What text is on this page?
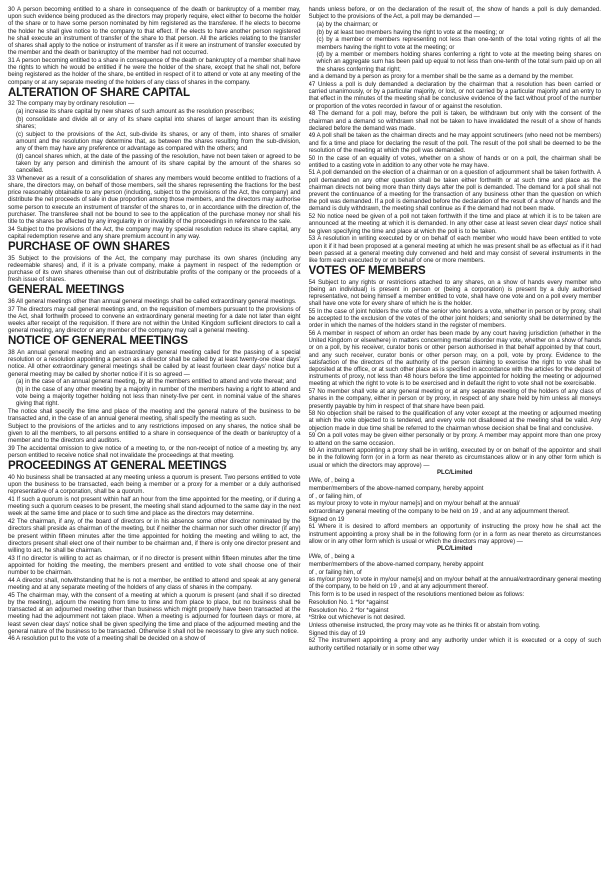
30 A person becoming entitled to a share in consequence of the death or bankruptcy of a member may, upon such evidence being produced as the directors may properly require, elect either to become the holder of the share or to have some person nominated by him registered as the transferee. If he elects to become the holder he shall give notice to the company to that effect. If he elects to have another person registered he shall execute an instrument of transfer of the share to that person. All the articles relating to the transfer of shares shall apply to the notice or instrument of transfer as if it were an instrument of transfer executed by the member and the death or bankruptcy of the member had not occurred.

31 A person becoming entitled to a share in consequence of the death or bankruptcy of a member shall have the rights to which he would be entitled if he were the holder of the share, except that he shall not, before being registered as the holder of the share, be entitled in respect of it to attend or vote at any meeting of the company or at any separate meeting of the holders of any class of shares in the company.

ALTERATION OF SHARE CAPITAL

32 The company may by ordinary resolution —

(a) increase its share capital by new shares of such amount as the resolution prescribes;

(b) consolidate and divide all or any of its share capital into shares of larger amount than its existing shares;

(c) subject to the provisions of the Act, sub-divide its shares, or any of them, into shares of smaller amount and the resolution may determine that, as between the shares resulting from the sub-division, any of them may have any preference or advantage as compared with the others; and

(d) cancel shares which, at the date of the passing of the resolution, have not been taken or agreed to be taken by any person and diminish the amount of its share capital by the amount of the shares so cancelled.

33 Whenever as a result of a consolidation of shares any members would become entitled to fractions of a share, the directors may, on behalf of those members, sell the shares representing the fractions for the best price reasonably obtainable to any person (including, subject to the provisions of the Act, the company) and distribute the net proceeds of sale in due proportion among those members, and the directors may authorise some person to execute an instrument of transfer of the shares to, or in accordance with the direction of, the purchaser. The transferee shall not be bound to see to the application of the purchase money nor shall his title to the shares be affected by any irregularity in or invalidity of the proceedings in reference to the sale.

34 Subject to the provisions of the Act, the company may by special resolution reduce its share capital, any capital redemption reserve and any share premium account in any way.

PURCHASE OF OWN SHARES

35 Subject to the provisions of the Act, the company may purchase its own shares (including any redeemable shares) and, if it is a private company, make a payment in respect of the redemption or purchase of its own shares otherwise than out of distributable profits of the company or the proceeds of a fresh issue of shares.

GENERAL MEETINGS

36 All general meetings other than annual general meetings shall be called extraordinary general meetings.

37 The directors may call general meetings and, on the requisition of members pursuant to the provisions of the Act, shall forthwith proceed to convene an extraordinary general meeting for a date not later than eight weeks after receipt of the requisition. If there are not within the United Kingdom sufficient directors to call a general meeting, any director or any member of the company may call a general meeting.

NOTICE OF GENERAL MEETINGS

38 An annual general meeting and an extraordinary general meeting called for the passing of a special resolution or a resolution appointing a person as a director shall be called by at least twenty-one clear days' notice. All other extraordinary general meetings shall be called by at least fourteen clear days' notice but a general meeting may be called by shorter notice if it is so agreed —

(a) in the case of an annual general meeting, by all the members entitled to attend and vote thereat; and

(b) in the case of any other meeting by a majority in number of the members having a right to attend and vote being a majority together holding not less than ninety-five per cent. in nominal value of the shares giving that right.

The notice shall specify the time and place of the meeting and the general nature of the business to be transacted and, in the case of an annual general meeting, shall specify the meeting as such.

Subject to the provisions of the articles and to any restrictions imposed on any shares, the notice shall be given to all the members, to all persons entitled to a share in consequence of the death or bankruptcy of a member and to the directors and auditors.

39 The accidental omission to give notice of a meeting to, or the non-receipt of notice of a meeting by, any person entitled to receive notice shall not invalidate the proceedings at that meeting.

PROCEEDINGS AT GENERAL MEETINGS

40 No business shall be transacted at any meeting unless a quorum is present. Two persons entitled to vote upon the business to be transacted, each being a member or a proxy for a member or a duly authorised representative of a corporation, shall be a quorum.

41 If such a quorum is not present within half an hour from the time appointed for the meeting, or if during a meeting such a quorum ceases to be present, the meeting shall stand adjourned to the same day in the next week at the same time and place or to such time and place as the directors may determine.

42 The chairman, if any, of the board of directors or in his absence some other director nominated by the directors shall preside as chairman of the meeting, but if neither the chairman nor such other director (if any) be present within fifteen minutes after the time appointed for holding the meeting and willing to act, the directors present shall elect one of their number to be chairman and, if there is only one director present and willing to act, he shall be chairman.

43 If no director is willing to act as chairman, or if no director is present within fifteen minutes after the time appointed for holding the meeting, the members present and entitled to vote shall choose one of their number to be chairman.

44 A director shall, notwithstanding that he is not a member, be entitled to attend and speak at any general meeting and at any separate meeting of the holders of any class of shares in the company.

45 The chairman may, with the consent of a meeting at which a quorum is present (and shall if so directed by the meeting), adjourn the meeting from time to time and from place to place, but no business shall be transacted at an adjourned meeting other than business which might properly have been transacted at the meeting had the adjournment not taken place. When a meeting is adjourned for fourteen days or more, at least seven clear days' notice shall be given specifying the time and place of the adjourned meeting and the general nature of the business to be transacted. Otherwise it shall not be necessary to give any such notice.

46 A resolution put to the vote of a meeting shall be decided on a show of

hands unless before, or on the declaration of the result of, the show of hands a poll is duly demanded. Subject to the provisions of the Act, a poll may be demanded —

(a) by the chairman; or

(b) by at least two members having the right to vote at the meeting; or

(c) by a member or members representing not less than one-tenth of the total voting rights of all the members having the right to vote at the meeting; or

(d) by a member or members holding shares conferring a right to vote at the meeting being shares on which an aggregate sum has been paid up equal to not less than one-tenth of the total sum paid up on all the shares conferring that right;

and a demand by a person as proxy for a member shall be the same as a demand by the member.

47 Unless a poll is duly demanded a declaration by the chairman that a resolution has been carried or carried unanimously, or by a particular majority, or lost, or not carried by a particular majority and an entry to that effect in the minutes of the meeting shall be conclusive evidence of the fact without proof of the number or proportion of the votes recorded in favour of or against the resolution.

48 The demand for a poll may, before the poll is taken, be withdrawn but only with the consent of the chairman and a demand so withdrawn shall not be taken to have invalidated the result of a show of hands declared before the demand was made.

49 A poll shall be taken as the chairman directs and he may appoint scrutineers (who need not be members) and fix a time and place for declaring the result of the poll. The result of the poll shall be deemed to be the resolution of the meeting at which the poll was demanded.

50 In the case of an equality of votes, whether on a show of hands or on a poll, the chairman shall be entitled to a casting vote in addition to any other vote he may have.

51 A poll demanded on the election of a chairman or on a question of adjournment shall be taken forthwith. A poll demanded on any other question shall be taken either forthwith or at such time and place as the chairman directs not being more than thirty days after the poll is demanded. The demand for a poll shall not prevent the continuance of a meeting for the transaction of any business other than the question on which the poll was demanded. If a poll is demanded before the declaration of the result of a show of hands and the demand is duly withdrawn, the meeting shall continue as if the demand had not been made.

52 No notice need be given of a poll not taken forthwith if the time and place at which it is to be taken are announced at the meeting at which it is demanded. In any other case at least seven clear days' notice shall be given specifying the time and place at which the poll is to be taken.

53 A resolution in writing executed by or on behalf of each member who would have been entitled to vote upon it if it had been proposed at a general meeting at which he was present shall be as effectual as if it had been passed at a general meeting duly convened and held and may consist of several instruments in the like form each executed by or on behalf of one or more members.

VOTES OF MEMBERS

54 Subject to any rights or restrictions attached to any shares, on a show of hands every member who (being an individual) is present in person or (being a corporation) is present by a duly authorised representative, not being himself a member entitled to vote, shall have one vote and on a poll every member shall have one vote for every share of which he is the holder.

55 In the case of joint holders the vote of the senior who tenders a vote, whether in person or by proxy, shall be accepted to the exclusion of the votes of the other joint holders; and seniority shall be determined by the order in which the names of the holders stand in the register of members.

56 A member in respect of whom an order has been made by any court having jurisdiction (whether in the United Kingdom or elsewhere) in matters concerning mental disorder may vote, whether on a show of hands or on a poll, by his receiver, curator bonis or other person authorised in that behalf appointed by that court, and any such receiver, curator bonis or other person may, on a poll, vote by proxy. Evidence to the satisfaction of the directors of the authority of the person claiming to exercise the right to vote shall be deposited at the office, or at such other place as is specified in accordance with the articles for the deposit of instruments of proxy, not less than 48 hours before the time appointed for holding the meeting or adjourned meeting at which the right to vote is to be exercised and in default the right to vote shall not be exercisable.

57 No member shall vote at any general meeting or at any separate meeting of the holders of any class of shares in the company, either in person or by proxy, in respect of any share held by him unless all moneys presently payable by him in respect of that share have been paid.

58 No objection shall be raised to the qualification of any voter except at the meeting or adjourned meeting at which the vote objected to is tendered, and every vote not disallowed at the meeting shall be valid. Any objection made in due time shall be referred to the chairman whose decision shall be final and conclusive.

59 On a poll votes may be given either personally or by proxy. A member may appoint more than one proxy to attend on the same occasion.

60 An instrument appointing a proxy shall be in writing, executed by or on behalf of the appointor and shall be in the following form (or in a form as near thereto as circumstances allow or in any other form which is usual or which the directors may approve) —

PLC/Limited

I/We, of , being a

member/members of the above-named company, hereby appoint

of , or failing him, of

as my/our proxy to vote in my/our name[s] and on my/our behalf at the annual/

extraordinary general meeting of the company to be held on 19 , and at any adjournment thereof.

Signed on 19

61 Where it is desired to afford members an opportunity of instructing the proxy how he shall act the instrument appointing a proxy shall be in the following form (or in a form as near thereto as circumstances allow or in any other form which is usual or which the directors may approve) —

PLC/Limited

I/We, of , being a

member/members of the above-named company, hereby appoint

of , or failing him, of

as my/our proxy to vote in my/our name[s] and on my/our behalf at the annual/extraordinary general meeting of the company, to be held on 19 , and at any adjournment thereof.

This form is to be used in respect of the resolutions mentioned below as follows:

Resolution No. 1 *for *against

Resolution No. 2 *for *against

*Strike out whichever is not desired.

Unless otherwise instructed, the proxy may vote as he thinks fit or abstain from voting.

Signed this day of 19

62 The instrument appointing a proxy and any authority under which it is executed or a copy of such authority certified notarially or in some other way
